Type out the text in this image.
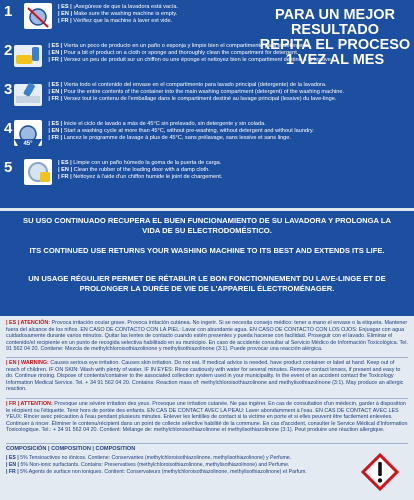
1	| ES | ¡Asegúrese de que la lavadora está vacía.
| EN | Make sure the washing machine is empty.
| FR | Vérifiez que la machine à laver est vide.
2	| ES | Vierta un poco de producto en un paño o esponja y limpie bien el compartimento para el detergente.
| EN | Pour a bit of product on a cloth or sponge and thoroughly clean the compartment for detergent.
| FR | Versez un peu de produit sur un chiffon ou une éponge et nettoyez bien le compartiment destiné à la lessive.
3	| ES | Vierta todo el contenido del envase en el compartimento para lavado principal (detergente) de la lavadora.
| EN | Pour the entire contents of the container into the main washing compartment (detergent) of the washing machine.
| FR | Versez tout le contenu de l'emballage dans le compartiment destiné au lavage principal (lessive) du lave-linge.
4
45°
| ES | Inicie el ciclo de lavado a más de 45°C sin prelavado, sin detergente y sin colada.
| EN | Start a washing cycle at more than 45°C, without pre-washing, without detergent and without laundry.
| FR | Lancez le programme de lavage à plus de 45°C, sans prélavage, sans lessive et sans linge.
5	| ES | Limpie con un paño húmedo la goma de la puerta de carga.
| EN | Clean the rubber of the loading door with a damp cloth.
| FR | Nettoyez à l'aide d'un chiffon humide le joint de chargement.
PARA UN MEJOR RESULTADO
REPITA EL PROCESO
1 VEZ AL MES

SU USO CONTINUADO RECUPERA EL BUEN FUNCIONAMIENTO DE SU LAVADORA Y PROLONGA LA VIDA DE SU ELECTRODOMÉSTICO.

ITS CONTINUED USE RETURNS YOUR WASHING MACHINE TO ITS BEST AND EXTENDS ITS LIFE.

UN USAGE RÉGULIER PERMET DE RÉTABLIR LE BON FONCTIONNEMENT DU LAVE-LINGE ET DE PROLONGER LA DURÉE DE VIE DE L'APPAREIL ÉLECTROMÉNAGER.

| ES | ATENCIÓN: Provoca irritación ocular grave. Provoca irritación cutánea. No ingerir. Si se necesita consejo médico: tener a mano el envase o la etiqueta. Mantener fuera del alcance de los niños. EN CASO DE CONTACTO CON LA PIEL: Lavar con abundante agua. EN CASO DE CONTACTO CON LOS OJOS: Enjuagar con agua cuidadosamente durante varios minutos. Quitar las lentes de contacto cuando estén presentes y pueda hacerse con facilidad. Proseguir con el lavado. Eliminar el contenido/el recipiente en un punto de recogida selectiva habilitado en su municipio. En caso de accidente consultar al Servicio Médico de Información Toxicológica. Tel. 91 562 04 20. Contiene: Mezcla de methylchloroisothiazolinone y methylisothiazolinone (3:1). Puede provocar una reacción alérgica.
| EN | WARNING: Causes serious eye irritation. Causes skin irritation. Do not eat. If medical advice is needed, have product container or label at hand. Keep out of reach of children. IF ON SKIN: Wash with plenty of water. IF IN EYES: Rinse cautiously with water for several minutes. Remove contact lenses, if present and easy to do. Continue rinsing. Dispose of contents/container to the associated collection system used in your municipality. In the event of an accident contact the Toxicology Information Medical Service. Tel. + 34 91 562 04 20. Contains: Reaction mass of: methylchloroisothiazolinone and methylisothiazolinone (3:1). May produce an allergic reaction.
| FR | ATTENTION: Provoque une sévère irritation des yeux. Provoque une irritation cutanée. Ne pas ingérer. En cas de consultation d'un médecin, garder à disposition le récipient ou l'étiquette. Tenir hors de portée des enfants. EN CAS DE CONTACT AVEC LA PEAU: Laver abondamment à l'eau. EN CAS DE CONTACT AVEC LES YEUX: Rincer avec précaution à l'eau pendant plusieurs minutes. Enlever les lentilles de contact si la victime en porte et si elles peuvent être facilement enlevées. Continuer à rincer. Éliminer le contenu/récipient dans un point de collecte sélective habilité de la commune. En cas d'accident, consulter le Service Médical d'Information Toxicologique. Tel.: + 34 91 562 04 20. Contient: Mélange de: methylchloroisothiazolinone et methylisothiazolinone (3:1). Peut produire une réaction allergique.
COMPOSICIÓN | COMPOSITION | COMPOSITION
| ES | 5% Tensioactivos no iónicos. Contiene: Conservantes (methylchloroisothiazolinone, methylisothiazolinone) y Perfume.
| EN | 5% Non-ionic surfactants. Contains: Preservatives (methylchloroisothiazolinone, methylisothiazolinone) and Perfume.
| FR | 5% Agents de surface non ioniques. Contient: Conservateurs (methylchloroisothiazolinone, methylisothiazolinone) et Parfum.
